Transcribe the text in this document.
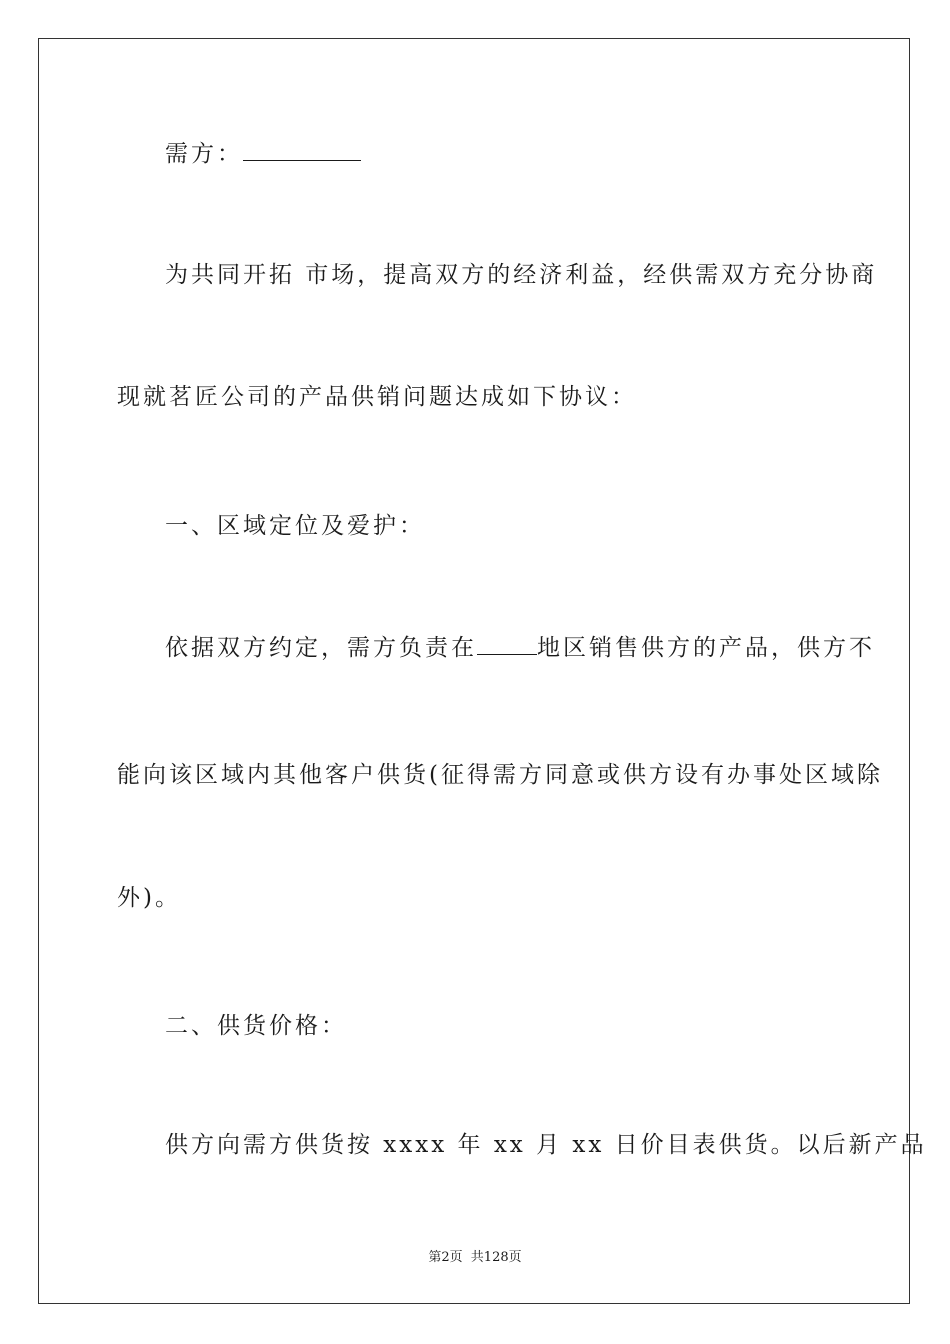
需方：
为共同开拓 市场，提高双方的经济利益，经供需双方充分协商
现就茗匠公司的产品供销问题达成如下协议：
一、区域定位及爱护：
依据双方约定，需方负责在	地区销售供方的产品，供方不
能向该区域内其他客户供货(征得需方同意或供方设有办事处区域除
外)。
二、供货价格：
供方向需方供货按 xxxx 年 xx 月 xx 日价目表供货。以后新产品
第2页 共128页
